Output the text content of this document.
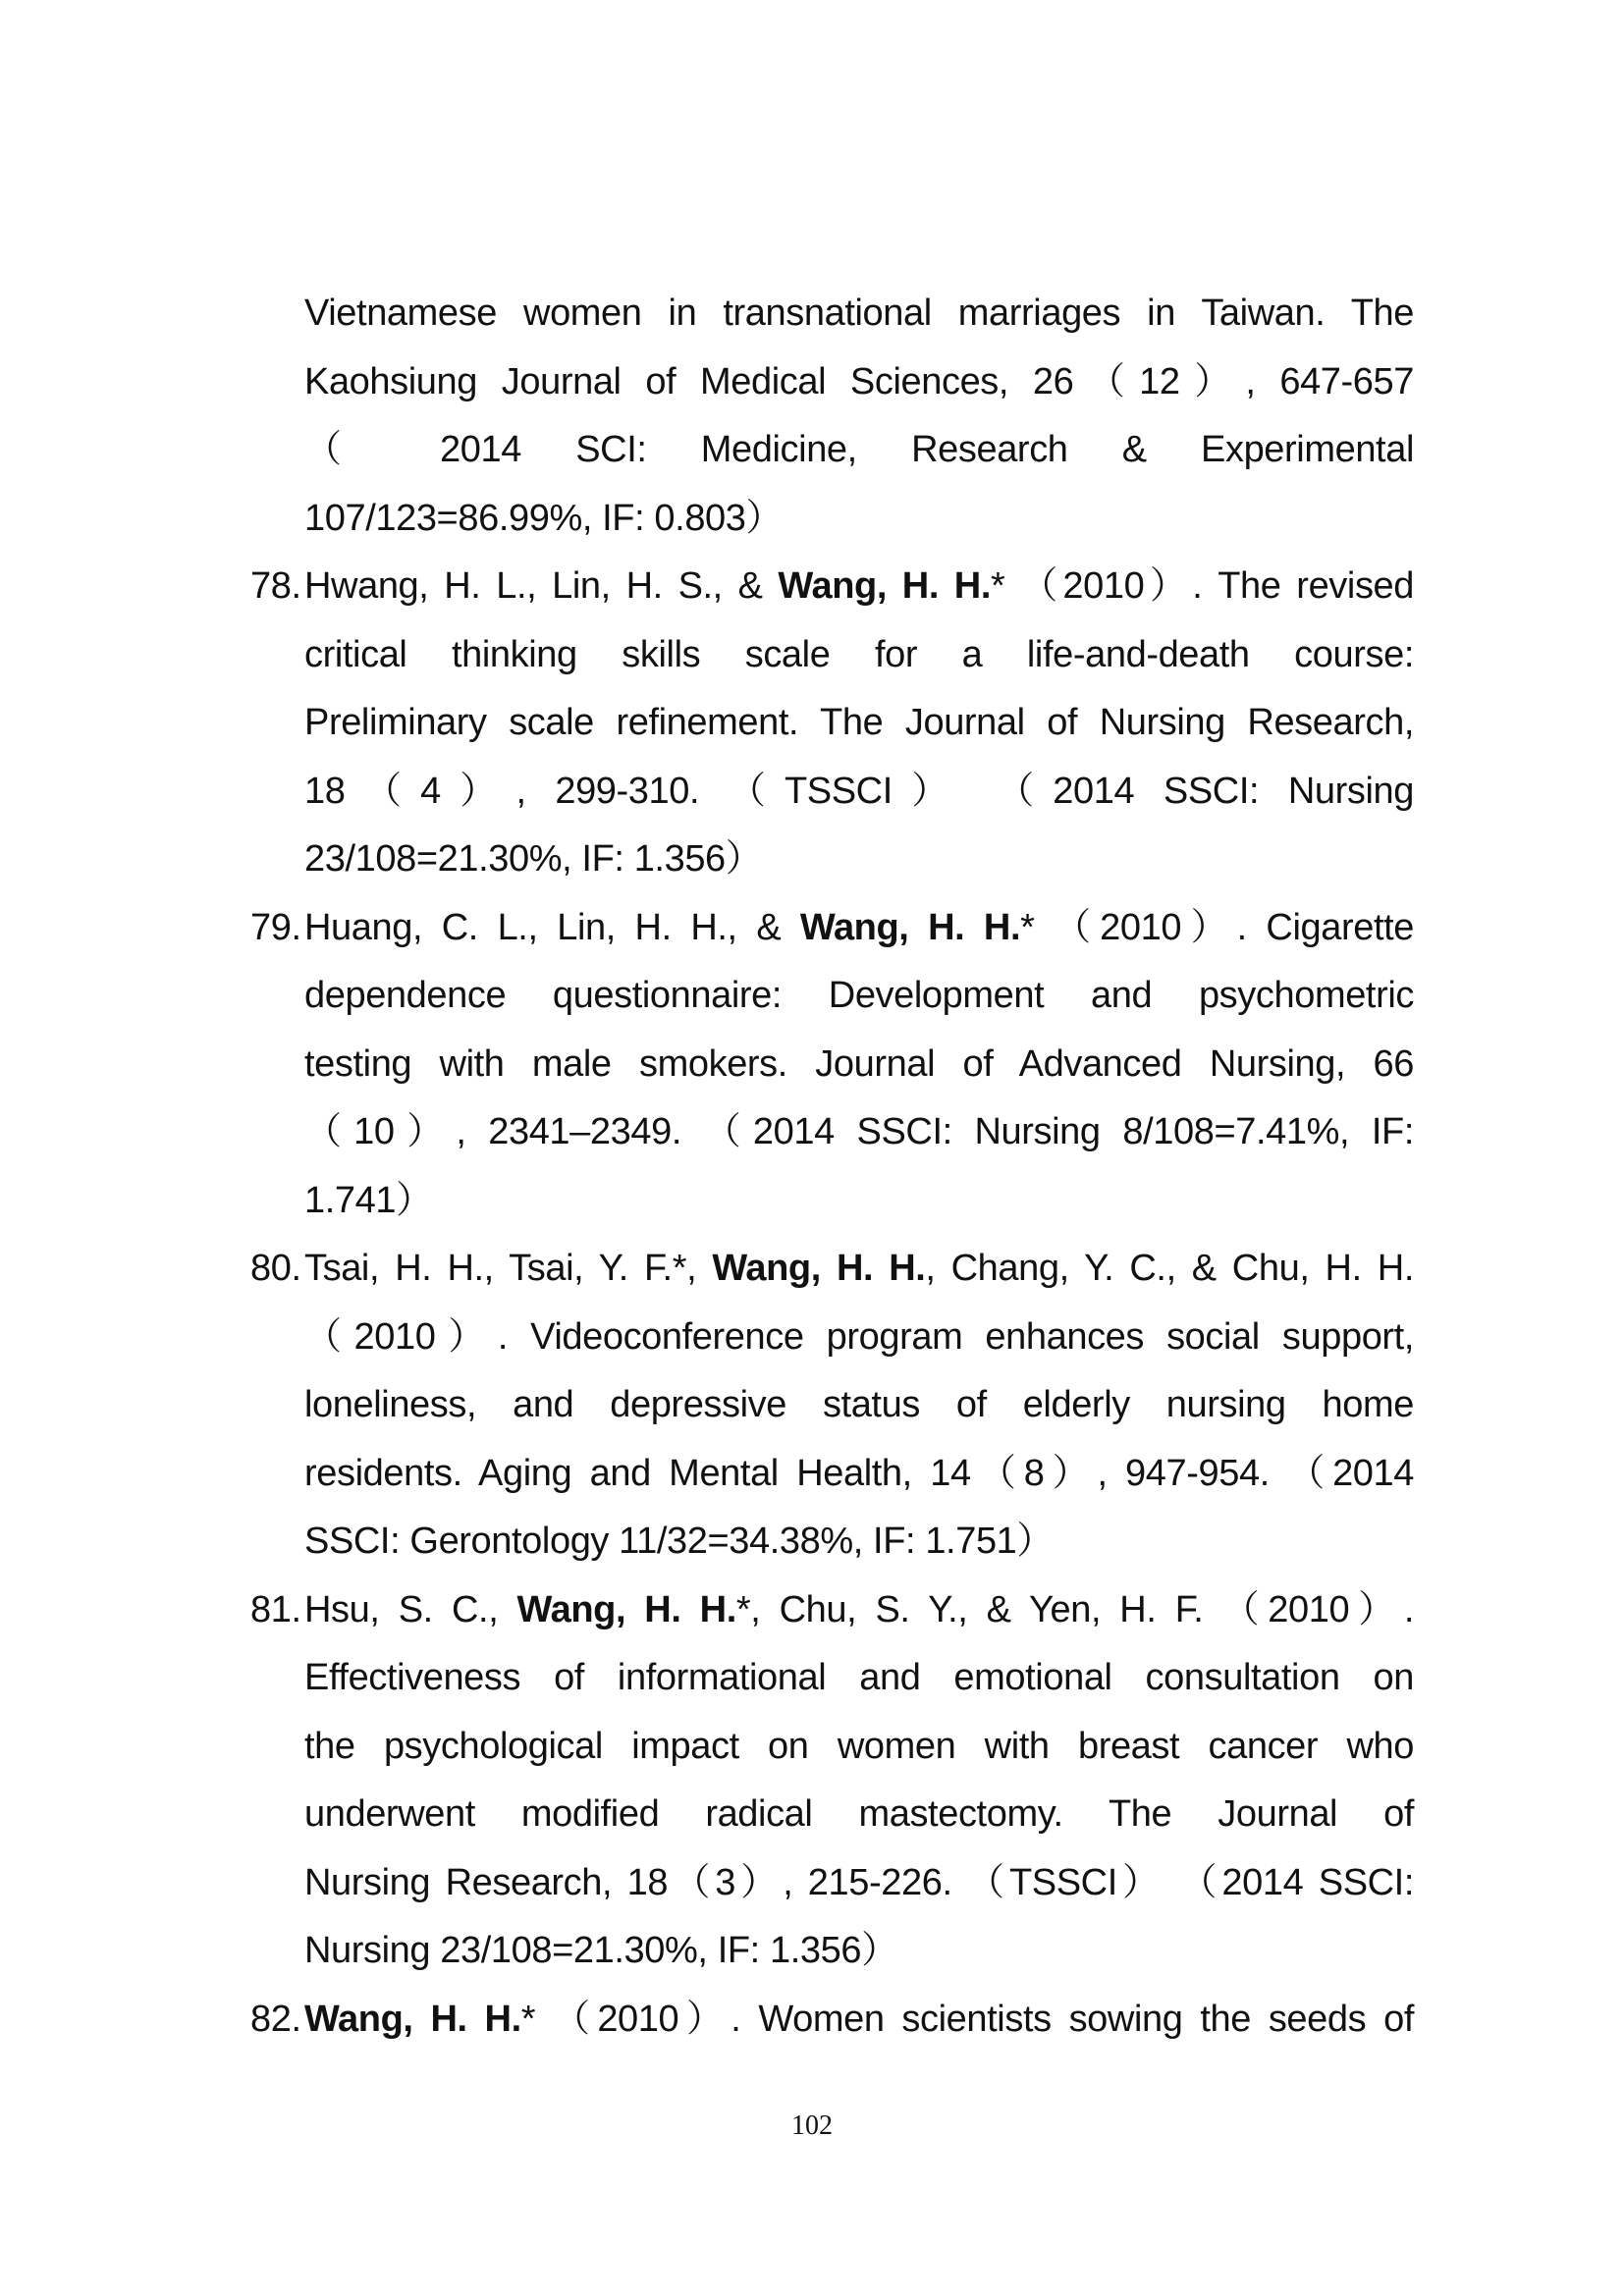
Vietnamese women in transnational marriages in Taiwan. The
Kaohsiung Journal of Medical Sciences, 26（12）, 647-657
（ 2014 SCI: Medicine, Research & Experimental
107/123=86.99%, IF: 0.803）
78.Hwang, H. L., Lin, H. S., & Wang, H. H.* （2010）. The revised
critical thinking skills scale for a life-and-death course:
Preliminary scale refinement. The Journal of Nursing Research,
18（4）, 299-310. （TSSCI） （2014 SSCI: Nursing
23/108=21.30%, IF: 1.356）
79.Huang, C. L., Lin, H. H., & Wang, H. H.* （2010）. Cigarette
dependence questionnaire: Development and psychometric
testing with male smokers. Journal of Advanced Nursing, 66
（10）, 2341–2349. （2014 SSCI: Nursing 8/108=7.41%, IF:
1.741）
80.Tsai, H. H., Tsai, Y. F.*, Wang, H. H., Chang, Y. C., & Chu, H. H.
（2010）. Videoconference program enhances social support,
loneliness, and depressive status of elderly nursing home
residents. Aging and Mental Health, 14（8）, 947-954. （2014
SSCI: Gerontology 11/32=34.38%, IF: 1.751）
81.Hsu, S. C., Wang, H. H.*, Chu, S. Y., & Yen, H. F. （2010）.
Effectiveness of informational and emotional consultation on
the psychological impact on women with breast cancer who
underwent modified radical mastectomy. The Journal of
Nursing Research, 18（3）, 215-226. （TSSCI） （2014 SSCI:
Nursing 23/108=21.30%, IF: 1.356）
82.Wang, H. H.* （2010）. Women scientists sowing the seeds of
102
